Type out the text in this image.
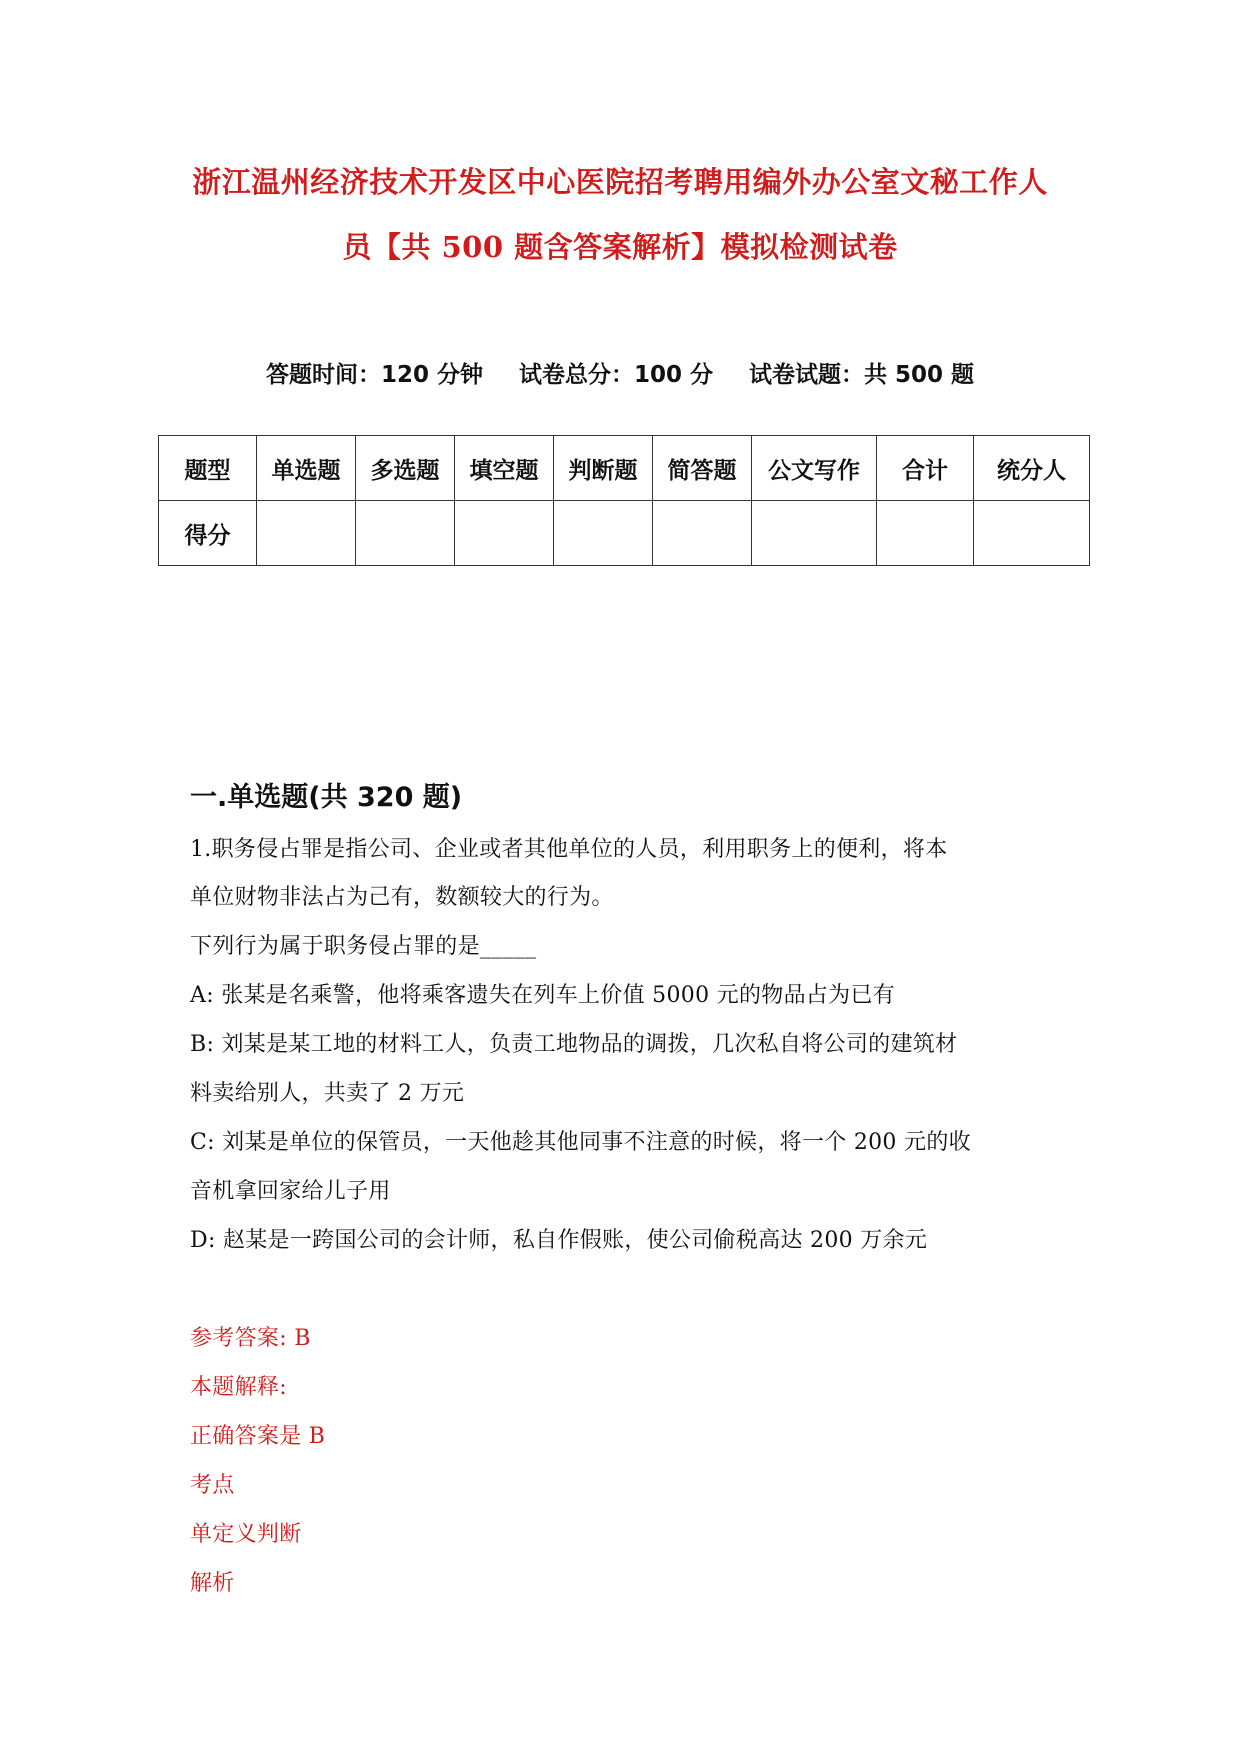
浙江温州经济技术开发区中心医院招考聘用编外办公室文秘工作人
员【共 500 题含答案解析】模拟检测试卷
答题时间：120 分钟 试卷总分：100 分 试卷试题：共 500 题
题型	单选题	多选题	填空题	判断题	简答题	公文写作	合计	统分人
得分								
一.单选题(共 320 题)
1.职务侵占罪是指公司、企业或者其他单位的人员，利用职务上的便利，将本
单位财物非法占为己有，数额较大的行为。
下列行为属于职务侵占罪的是_____
A: 张某是名乘警，他将乘客遗失在列车上价值 5000 元的物品占为已有
B: 刘某是某工地的材料工人，负责工地物品的调拨，几次私自将公司的建筑材
料卖给别人，共卖了 2 万元
C: 刘某是单位的保管员，一天他趁其他同事不注意的时候，将一个 200 元的收
音机拿回家给儿子用
D: 赵某是一跨国公司的会计师，私自作假账，使公司偷税高达 200 万余元
参考答案: B
本题解释:
正确答案是 B
考点
单定义判断
解析
